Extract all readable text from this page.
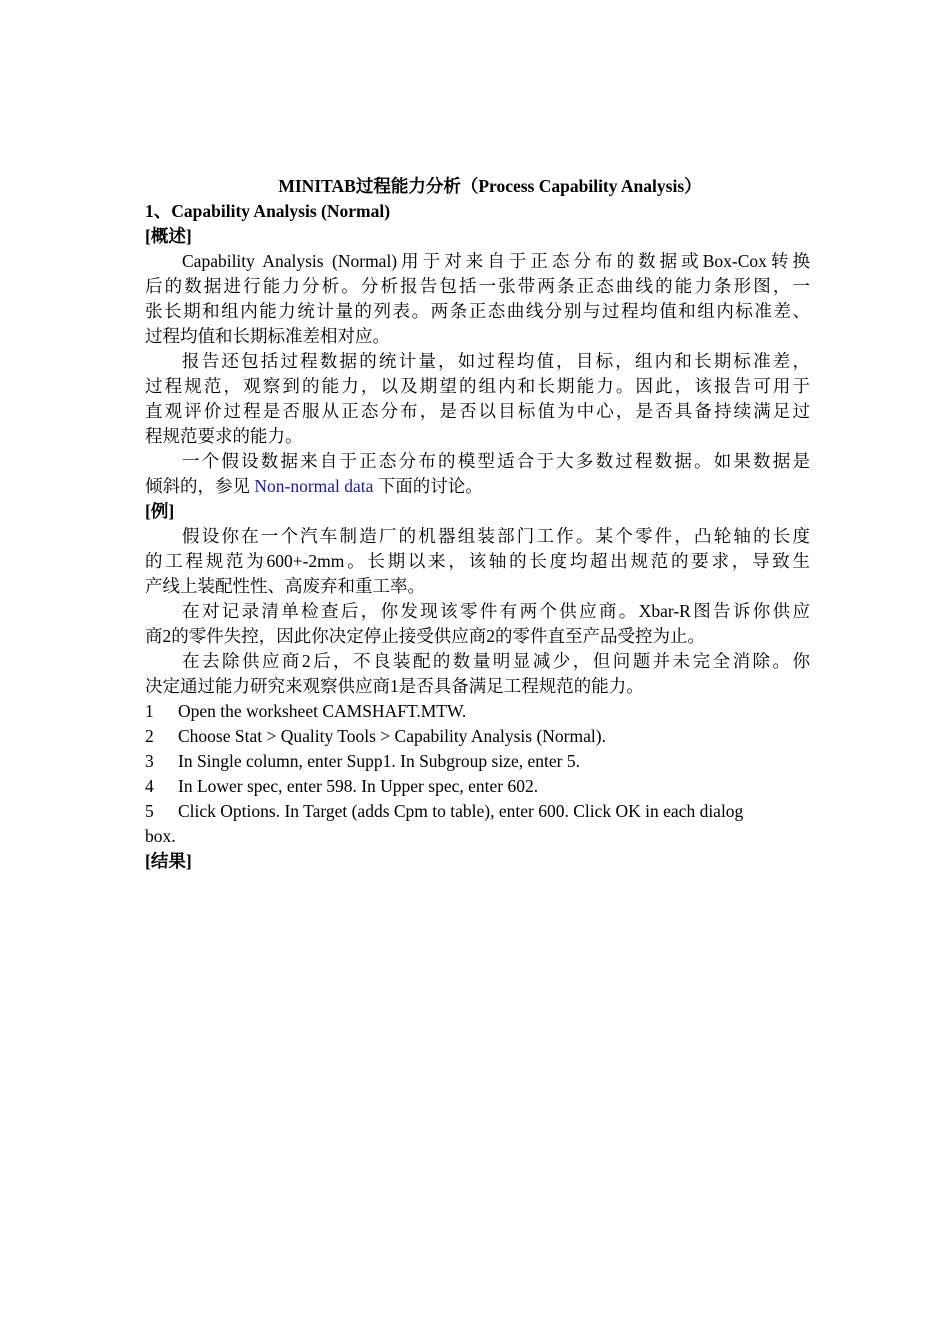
MINITAB过程能力分析（Process Capability Analysis）
1、Capability Analysis (Normal)
[概述]
Capability Analysis (Normal)用于对来自于正态分布的数据或Box-Cox转换
后的数据进行能力分析。分析报告包括一张带两条正态曲线的能力条形图，一
张长期和组内能力统计量的列表。两条正态曲线分别与过程均值和组内标准差、
过程均值和长期标准差相对应。
报告还包括过程数据的统计量，如过程均值，目标，组内和长期标准差，
过程规范，观察到的能力，以及期望的组内和长期能力。因此，该报告可用于
直观评价过程是否服从正态分布，是否以目标值为中心，是否具备持续满足过
程规范要求的能力。
一个假设数据来自于正态分布的模型适合于大多数过程数据。如果数据是
倾斜的，参见 Non-normal data 下面的讨论。
[例]
假设你在一个汽车制造厂的机器组装部门工作。某个零件，凸轮轴的长度
的工程规范为600+-2mm。长期以来，该轴的长度均超出规范的要求，导致生
产线上装配性性、高废弃和重工率。
在对记录清单检查后，你发现该零件有两个供应商。Xbar-R图告诉你供应
商2的零件失控，因此你决定停止接受供应商2的零件直至产品受控为止。
在去除供应商2后，不良装配的数量明显减少，但问题并未完全消除。你
决定通过能力研究来观察供应商1是否具备满足工程规范的能力。
1	Open the worksheet CAMSHAFT.MTW.
2	Choose Stat > Quality Tools > Capability Analysis (Normal).
3	In Single column, enter Supp1. In Subgroup size, enter 5.
4	In Lower spec, enter 598. In Upper spec, enter 602.
5	Click Options. In Target (adds Cpm to table), enter 600. Click OK in each dialog
box.
[结果]
